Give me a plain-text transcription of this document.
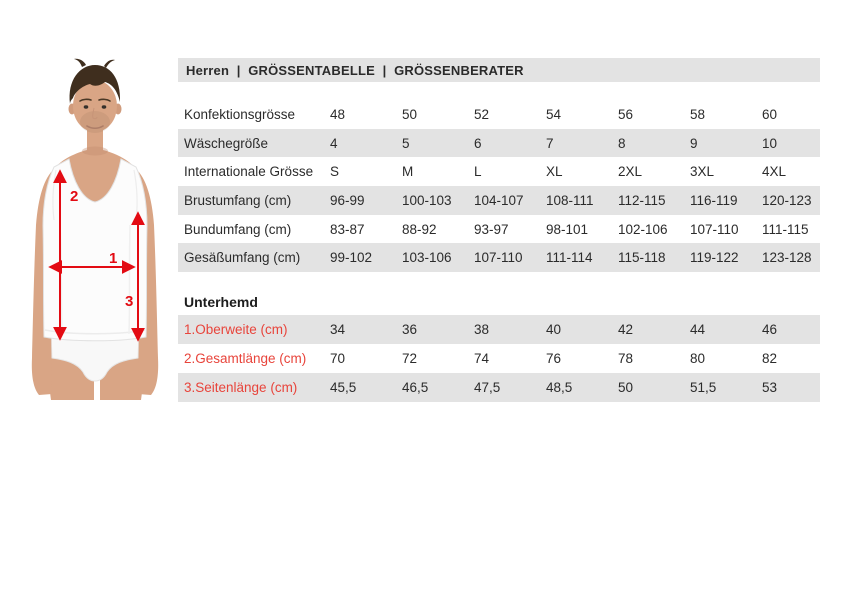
2
1
3
Herren  |  GRÖSSENTABELLE  |  GRÖSSENBERATER
Konfektionsgrösse	48	50	52	54	56	58	60
Wäschegröße	4	5	6	7	8	9	10
Internationale Grösse	S	M	L	XL	2XL	3XL	4XL
Brustumfang (cm)	96-99	100-103	104-107	108-111	112-115	116-119	120-123
Bundumfang (cm)	83-87	88-92	93-97	98-101	102-106	107-110	111-115
Gesäßumfang (cm)	99-102	103-106	107-110	111-114	115-118	119-122	123-128
Unterhemd
1.Oberweite (cm)	34	36	38	40	42	44	46
2.Gesamtlänge (cm)	70	72	74	76	78	80	82
3.Seitenlänge (cm)	45,5	46,5	47,5	48,5	50	51,5	53
